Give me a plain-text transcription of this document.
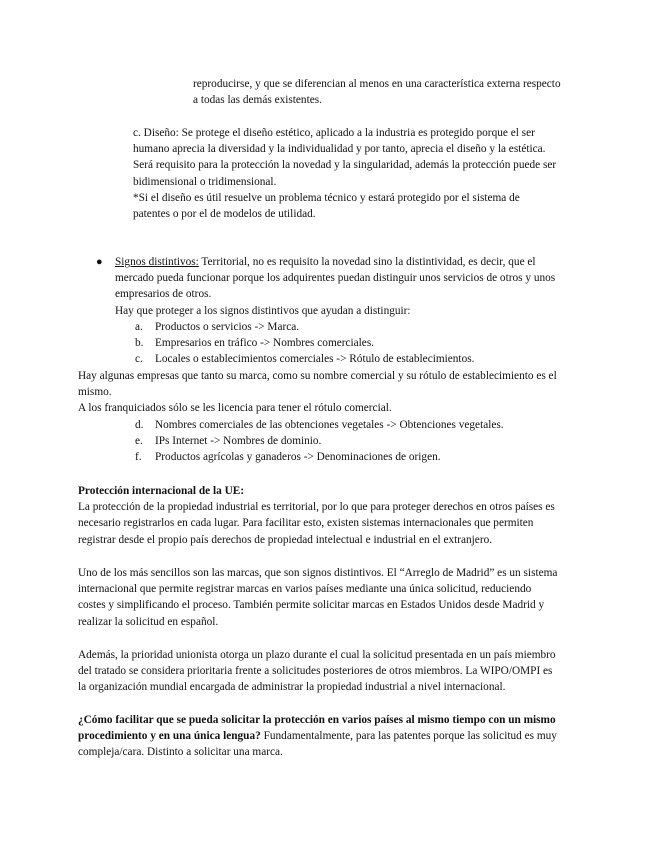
reproducirse, y que se diferencian al menos en una característica externa respecto
a todas las demás existentes.

c. Diseño: Se protege el diseño estético, aplicado a la industria es protegido porque el ser
humano aprecia la diversidad y la individualidad y por tanto, aprecia el diseño y la estética.
Será requisito para la protección la novedad y la singularidad, además la protección puede ser
bidimensional o tridimensional.
*Si el diseño es útil resuelve un problema técnico y estará protegido por el sistema de
patentes o por el de modelos de utilidad.

● Signos distintivos: Territorial, no es requisito la novedad sino la distintividad, es decir, que el
mercado pueda funcionar porque los adquirentes puedan distinguir unos servicios de otros y unos
empresarios de otros.
Hay que proteger a los signos distintivos que ayudan a distinguir:

a. Productos o servicios -> Marca.
b. Empresarios en tráfico -> Nombres comerciales.
c. Locales o establecimientos comerciales -> Rótulo de establecimientos.

Hay algunas empresas que tanto su marca, como su nombre comercial y su rótulo de establecimiento es el
mismo.
A los franquiciados sólo se les licencia para tener el rótulo comercial.

d. Nombres comerciales de las obtenciones vegetales -> Obtenciones vegetales.
e. IPs Internet -> Nombres de dominio.
f. Productos agrícolas y ganaderos -> Denominaciones de origen.

Protección internacional de la UE:
La protección de la propiedad industrial es territorial, por lo que para proteger derechos en otros países es
necesario registrarlos en cada lugar. Para facilitar esto, existen sistemas internacionales que permiten
registrar desde el propio país derechos de propiedad intelectual e industrial en el extranjero.

Uno de los más sencillos son las marcas, que son signos distintivos. El “Arreglo de Madrid” es un sistema
internacional que permite registrar marcas en varios países mediante una única solicitud, reduciendo
costes y simplificando el proceso. También permite solicitar marcas en Estados Unidos desde Madrid y
realizar la solicitud en español.

Además, la prioridad unionista otorga un plazo durante el cual la solicitud presentada en un país miembro
del tratado se considera prioritaria frente a solicitudes posteriores de otros miembros. La WIPO/OMPI es
la organización mundial encargada de administrar la propiedad industrial a nivel internacional.

¿Cómo facilitar que se pueda solicitar la protección en varios países al mismo tiempo con un mismo
procedimiento y en una única lengua? Fundamentalmente, para las patentes porque las solicitud es muy
compleja/cara. Distinto a solicitar una marca.
